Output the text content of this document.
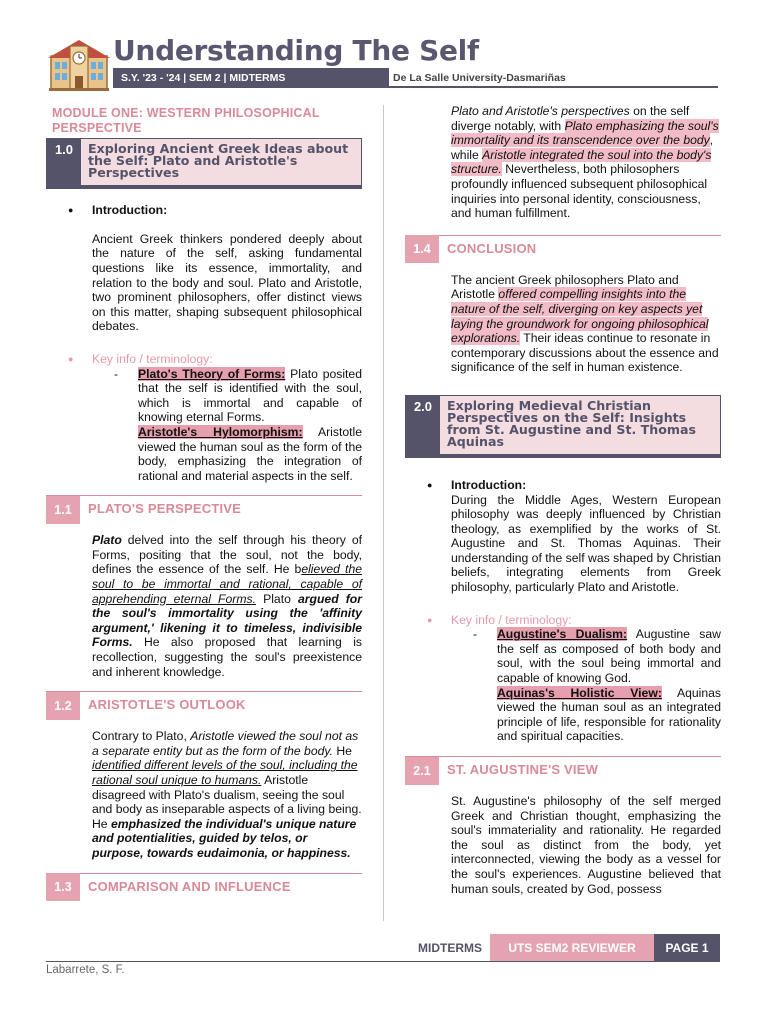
Understanding The Self
S.Y. '23 - '24 | SEM 2 | MIDTERMS	De La Salle University-Dasmariñas
MODULE ONE: WESTERN PHILOSOPHICAL PERSPECTIVE
1.0	Exploring Ancient Greek Ideas about the Self: Plato and Aristotle's Perspectives
● Introduction:
Ancient Greek thinkers pondered deeply about the nature of the self, asking fundamental questions like its essence, immortality, and relation to the body and soul. Plato and Aristotle, two prominent philosophers, offer distinct views on this matter, shaping subsequent philosophical debates.
● Key info / terminology:
- Plato's Theory of Forms: Plato posited that the self is identified with the soul, which is immortal and capable of knowing eternal Forms.
Aristotle's Hylomorphism: Aristotle viewed the human soul as the form of the body, emphasizing the integration of rational and material aspects in the self.
1.1	PLATO'S PERSPECTIVE
Plato delved into the self through his theory of Forms, positing that the soul, not the body, defines the essence of the self. He believed the soul to be immortal and rational, capable of apprehending eternal Forms. Plato argued for the soul's immortality using the 'affinity argument,' likening it to timeless, indivisible Forms. He also proposed that learning is recollection, suggesting the soul's preexistence and inherent knowledge.
1.2	ARISTOTLE'S OUTLOOK
Contrary to Plato, Aristotle viewed the soul not as a separate entity but as the form of the body. He identified different levels of the soul, including the rational soul unique to humans. Aristotle disagreed with Plato's dualism, seeing the soul and body as inseparable aspects of a living being. He emphasized the individual's unique nature and potentialities, guided by telos, or purpose, towards eudaimonia, or happiness.
1.3	COMPARISON AND INFLUENCE
Plato and Aristotle's perspectives on the self diverge notably, with Plato emphasizing the soul's immortality and its transcendence over the body, while Aristotle integrated the soul into the body's structure. Nevertheless, both philosophers profoundly influenced subsequent philosophical inquiries into personal identity, consciousness, and human fulfillment.
1.4	CONCLUSION
The ancient Greek philosophers Plato and Aristotle offered compelling insights into the nature of the self, diverging on key aspects yet laying the groundwork for ongoing philosophical explorations. Their ideas continue to resonate in contemporary discussions about the essence and significance of the self in human existence.
2.0	Exploring Medieval Christian Perspectives on the Self: Insights from St. Augustine and St. Thomas Aquinas
● Introduction:
During the Middle Ages, Western European philosophy was deeply influenced by Christian theology, as exemplified by the works of St. Augustine and St. Thomas Aquinas. Their understanding of the self was shaped by Christian beliefs, integrating elements from Greek philosophy, particularly Plato and Aristotle.
● Key info / terminology:
- Augustine's Dualism: Augustine saw the self as composed of both body and soul, with the soul being immortal and capable of knowing God.
Aquinas's Holistic View: Aquinas viewed the human soul as an integrated principle of life, responsible for rationality and spiritual capacities.
2.1	ST. AUGUSTINE'S VIEW
St. Augustine's philosophy of the self merged Greek and Christian thought, emphasizing the soul's immateriality and rationality. He regarded the soul as distinct from the body, yet interconnected, viewing the body as a vessel for the soul's experiences. Augustine believed that human souls, created by God, possess
MIDTERMS	UTS SEM2 REVIEWER	PAGE 1
Labarrete, S. F.
